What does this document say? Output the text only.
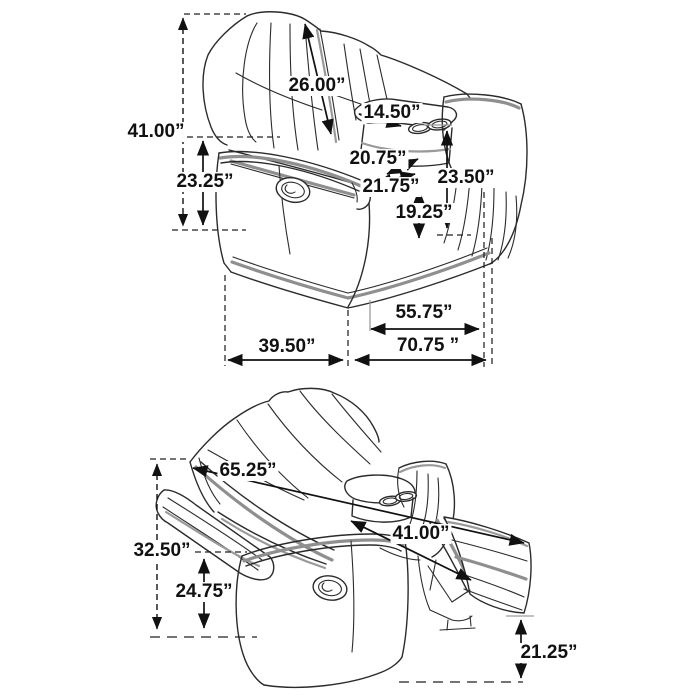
41.00”
23.25”
26.00”
14.50”
20.75”
21.75”
19.25”
23.50”
55.75”
39.50”	70.75 ”
65.25”
32.50”
24.75”
41.00”
21.25”
